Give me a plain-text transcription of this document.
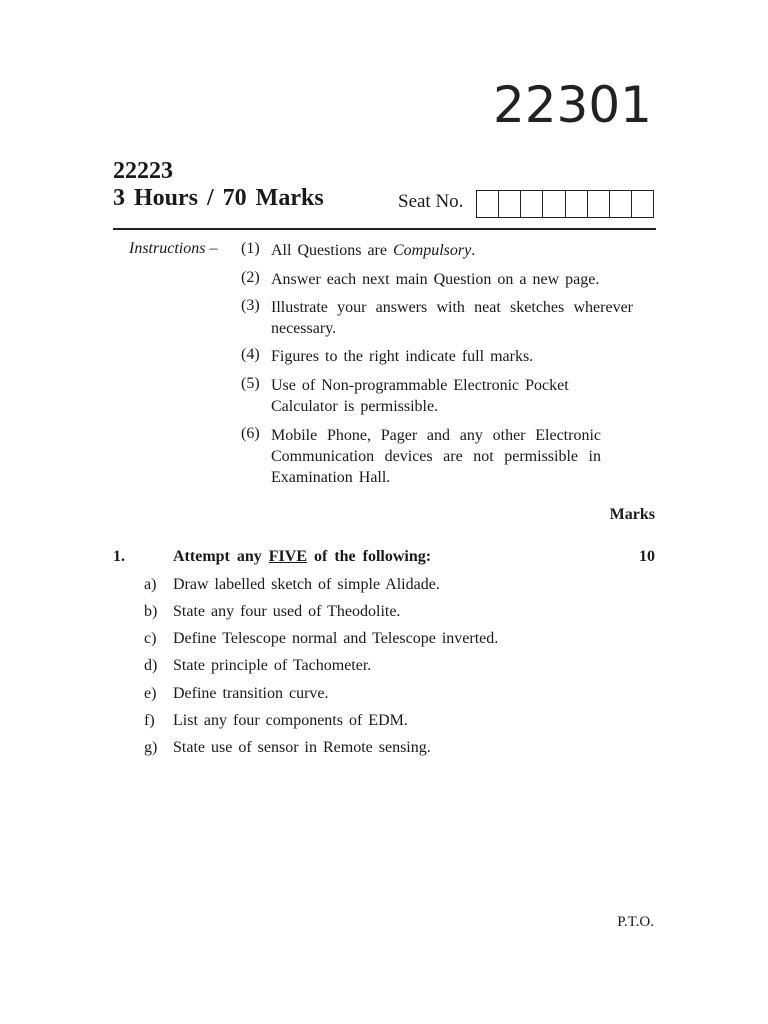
22301
22223
3 Hours / 70 Marks	Seat No.
Instructions – (1) All Questions are Compulsory.
(2) Answer each next main Question on a new page.
(3) Illustrate your answers with neat sketches wherever necessary.
(4) Figures to the right indicate full marks.
(5) Use of Non-programmable Electronic Pocket Calculator is permissible.
(6) Mobile Phone, Pager and any other Electronic Communication devices are not permissible in Examination Hall.
Marks
1.	Attempt any FIVE of the following:	10
a) Draw labelled sketch of simple Alidade.
b) State any four used of Theodolite.
c) Define Telescope normal and Telescope inverted.
d) State principle of Tachometer.
e) Define transition curve.
f) List any four components of EDM.
g) State use of sensor in Remote sensing.
P.T.O.
